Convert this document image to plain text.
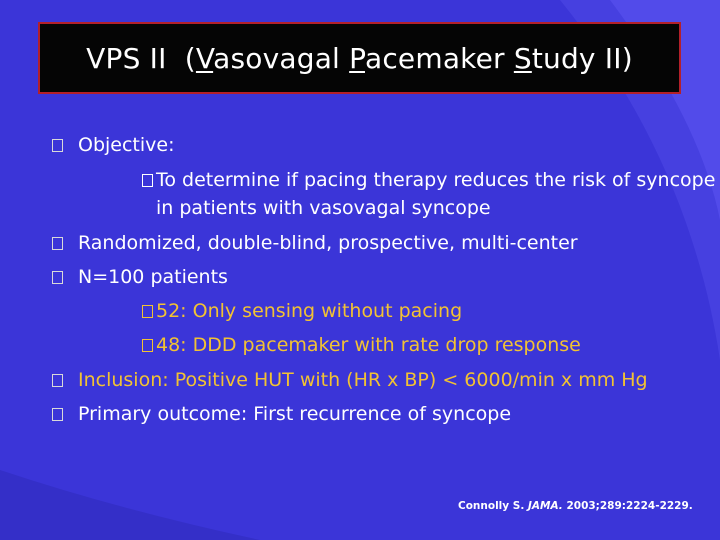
VPS II  (Vasovagal Pacemaker Study II)
Objective:
To determine if pacing therapy reduces the risk of syncope
in patients with vasovagal syncope
Randomized, double-blind, prospective, multi-center
N=100 patients
52: Only sensing without pacing
48: DDD pacemaker with rate drop response
Inclusion: Positive HUT with (HR x BP) < 6000/min x mm Hg
Primary outcome: First recurrence of syncope
Connolly S. JAMA. 2003;289:2224-2229.
